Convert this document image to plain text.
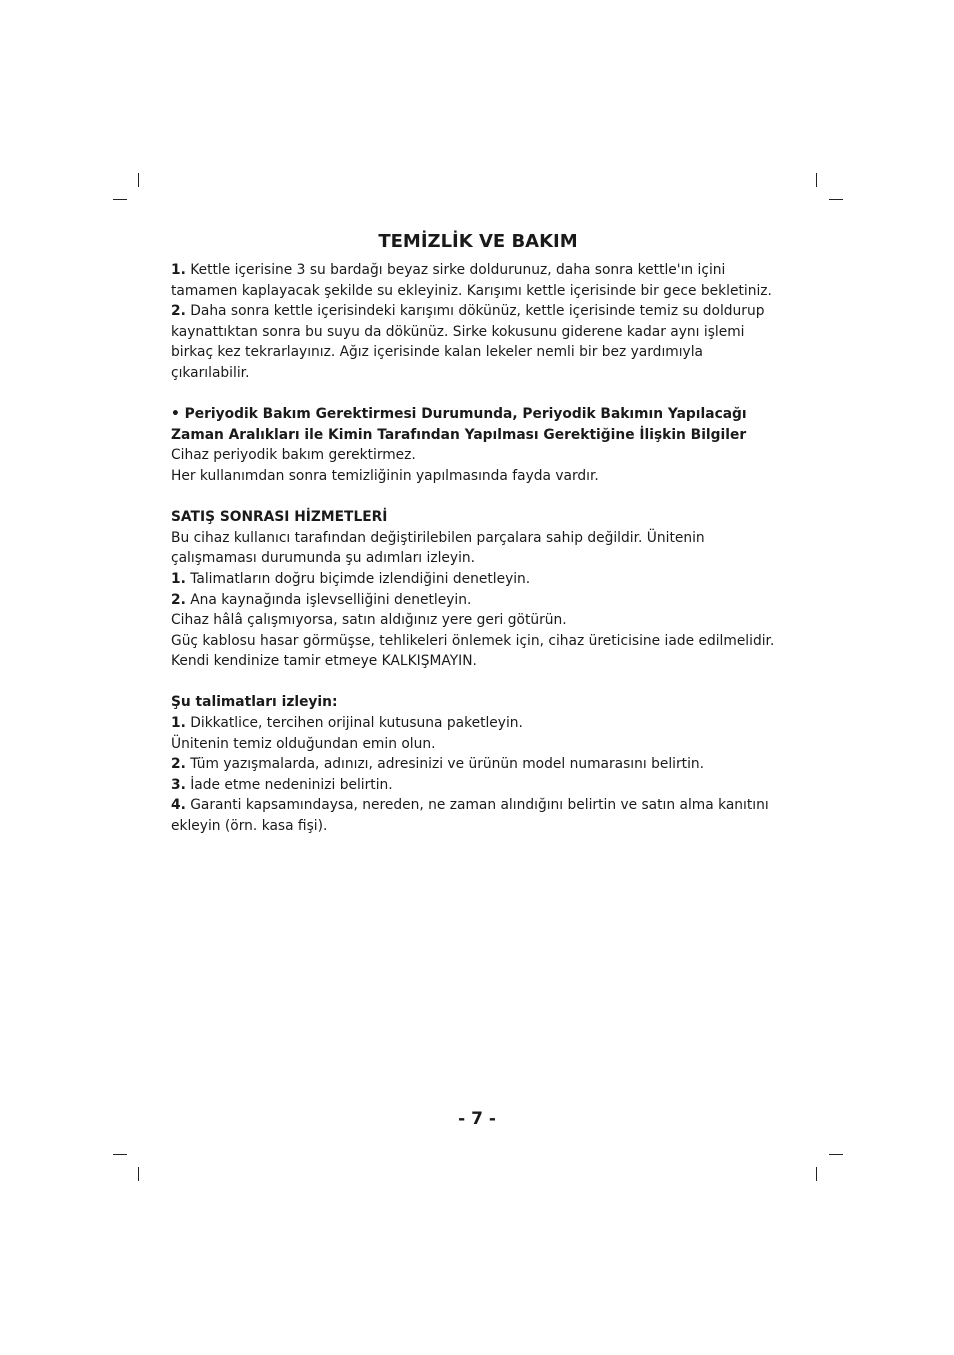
TEMİZLİK VE BAKIM

1. Kettle içerisine 3 su bardağı beyaz sirke doldurunuz, daha sonra kettle'ın içini tamamen kaplayacak şekilde su ekleyiniz. Karışımı kettle içerisinde bir gece bekletiniz.

2. Daha sonra kettle içerisindeki karışımı dökünüz, kettle içerisinde temiz su doldurup kaynattıktan sonra bu suyu da dökünüz. Sirke kokusunu giderene kadar aynı işlemi birkaç kez tekrarlayınız. Ağız içerisinde kalan lekeler nemli bir bez yardımıyla çıkarılabilir.

• Periyodik Bakım Gerektirmesi Durumunda, Periyodik Bakımın Yapılacağı Zaman Aralıkları ile Kimin Tarafından Yapılması Gerektiğine İlişkin Bilgiler

Cihaz periyodik bakım gerektirmez.

Her kullanımdan sonra temizliğinin yapılmasında fayda vardır.

SATIŞ SONRASI HİZMETLERİ

Bu cihaz kullanıcı tarafından değiştirilebilen parçalara sahip değildir. Ünitenin çalışmaması durumunda şu adımları izleyin.

1. Talimatların doğru biçimde izlendiğini denetleyin.

2. Ana kaynağında işlevselliğini denetleyin.

Cihaz hâlâ çalışmıyorsa, satın aldığınız yere geri götürün.

Güç kablosu hasar görmüşse, tehlikeleri önlemek için, cihaz üreticisine iade edilmelidir. Kendi kendinize tamir etmeye KALKIŞMAYIN.

Şu talimatları izleyin:

1. Dikkatlice, tercihen orijinal kutusuna paketleyin.

Ünitenin temiz olduğundan emin olun.

2. Tüm yazışmalarda, adınızı, adresinizi ve ürünün model numarasını belirtin.

3. İade etme nedeninizi belirtin.

4. Garanti kapsamındaysa, nereden, ne zaman alındığını belirtin ve satın alma kanıtını ekleyin (örn. kasa fişi).

- 7 -
